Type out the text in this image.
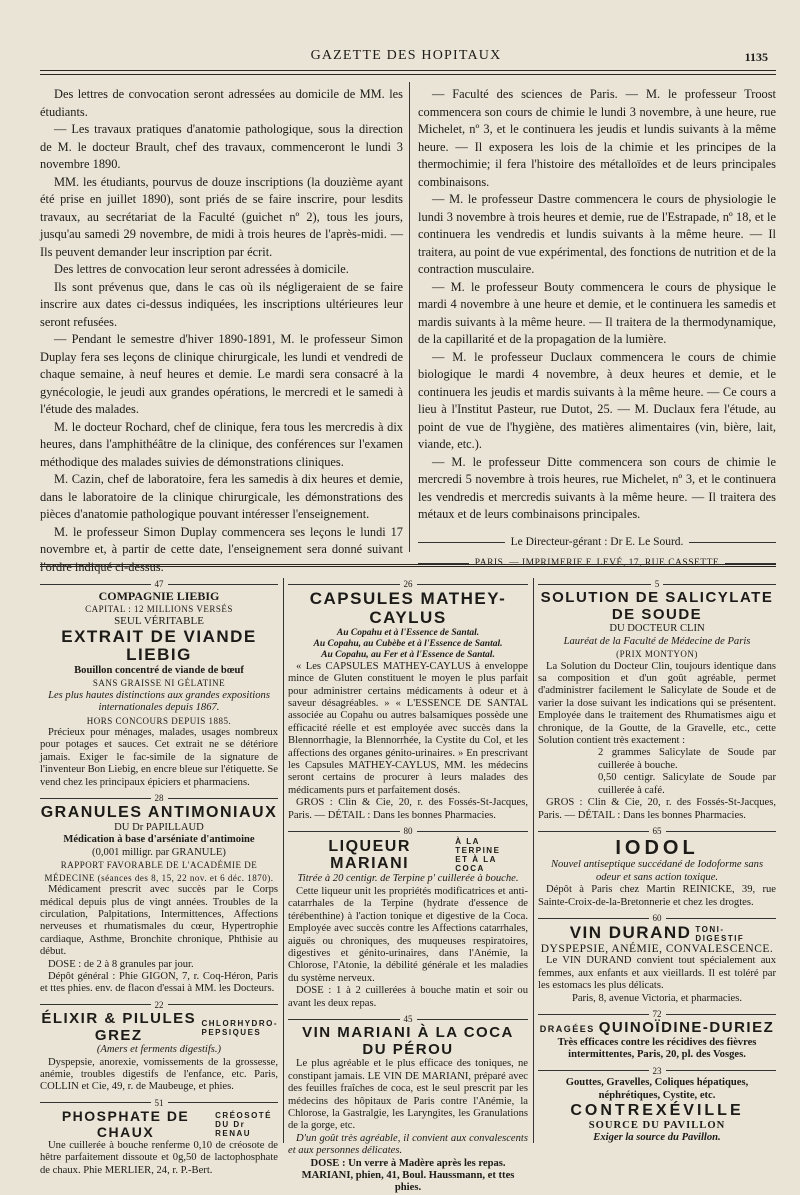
GAZETTE DES HOPITAUX	1135

Des lettres de convocation seront adressées au domicile de MM. les étudiants.

— Les travaux pratiques d'anatomie pathologique, sous la direction de M. le docteur Brault, chef des travaux, commenceront le lundi 3 novembre 1890.

MM. les étudiants, pourvus de douze inscriptions (la douzième ayant été prise en juillet 1890), sont priés de se faire inscrire, pour lesdits travaux, au secrétariat de la Faculté (guichet nº 2), tous les jours, jusqu'au samedi 29 novembre, de midi à trois heures de l'après-midi. — Ils peuvent demander leur inscription par écrit.

Des lettres de convocation leur seront adressées à domicile.

Ils sont prévenus que, dans le cas où ils négligeraient de se faire inscrire aux dates ci-dessus indiquées, les inscriptions ultérieures leur seront refusées.

— Pendant le semestre d'hiver 1890-1891, M. le professeur Simon Duplay fera ses leçons de clinique chirurgicale, les lundi et vendredi de chaque semaine, à neuf heures et demie. Le mardi sera consacré à la gynécologie, le jeudi aux grandes opérations, le mercredi et le samedi à l'étude des malades.

M. le docteur Rochard, chef de clinique, fera tous les mercredis à dix heures, dans l'amphithéâtre de la clinique, des conférences sur l'examen méthodique des malades suivies de démonstrations cliniques.

M. Cazin, chef de laboratoire, fera les samedis à dix heures et demie, dans le laboratoire de la clinique chirurgicale, les démonstrations des pièces d'anatomie pathologique pouvant intéresser l'enseignement.

M. le professeur Simon Duplay commencera ses leçons le lundi 17 novembre et, à partir de cette date, l'enseignement sera donné suivant l'ordre indiqué ci-dessus.

— Faculté des sciences de Paris. — M. le professeur Troost commencera son cours de chimie le lundi 3 novembre, à une heure, rue Michelet, nº 3, et le continuera les jeudis et lundis suivants à la même heure. — Il exposera les lois de la chimie et les principes de la thermochimie; il fera l'histoire des métalloïdes et de leurs principales combinaisons.

— M. le professeur Dastre commencera le cours de physiologie le lundi 3 novembre à trois heures et demie, rue de l'Estrapade, nº 18, et le continuera les vendredis et lundis suivants à la même heure. — Il traitera, au point de vue expérimental, des fonctions de nutrition et de la contraction musculaire.

— M. le professeur Bouty commencera le cours de physique le mardi 4 novembre à une heure et demie, et le continuera les samedis et mardis suivants à la même heure. — Il traitera de la thermodynamique, de la capillarité et de la propagation de la lumière.

— M. le professeur Duclaux commencera le cours de chimie biologique le mardi 4 novembre, à deux heures et demie, et le continuera les jeudis et mardis suivants à la même heure. — Ce cours a lieu à l'Institut Pasteur, rue Dutot, 25. — M. Duclaux fera l'étude, au point de vue de l'hygiène, des matières alimentaires (vin, bière, lait, viande, etc.).

— M. le professeur Ditte commencera son cours de chimie le mercredi 5 novembre à trois heures, rue Michelet, nº 3, et le continuera les vendredis et mercredis suivants à la même heure. — Il traitera des métaux et de leurs combinaisons principales.

Le Directeur-gérant : Dr E. Le Sourd.
PARIS. — IMPRIMERIE F. LEVÉ, 17, RUE CASSETTE
47
COMPAGNIE LIEBIG
CAPITAL : 12 MILLIONS VERSÉS
SEUL VÉRITABLE
EXTRAIT DE VIANDE LIEBIG
Bouillon concentré de viande de bœuf
SANS GRAISSE NI GÉLATINE
Les plus hautes distinctions aux grandes expositions internationales depuis 1867.
HORS CONCOURS DEPUIS 1885.

Précieux pour ménages, malades, usages nombreux pour potages et sauces. Cet extrait ne se détériore jamais. Exiger le fac-simile de la signature de l'inventeur Bon Liebig, en encre bleue sur l'étiquette. Se vend chez les principaux épiciers et pharmaciens.

28
GRANULES ANTIMONIAUX
DU Dr PAPILLAUD
Médication à base d'arséniate d'antimoine
(0,001 milligr. par GRANULE)
RAPPORT FAVORABLE DE L'ACADÉMIE DE MÉDECINE (séances des 8, 15, 22 nov. et 6 déc. 1870).

Médicament prescrit avec succès par le Corps médical depuis plus de vingt années. Troubles de la circulation, Palpitations, Intermittences, Affections nerveuses et rhumatismales du cœur, Hypertrophie cardiaque, Asthme, Bronchite chronique, Phthisie au début.

DOSE : de 2 à 8 granules par jour.

Dépôt général : Phie GIGON, 7, r. Coq-Héron, Paris et ttes phies. env. de flacon d'essai à MM. les Docteurs.

22
ÉLIXIR & PILULES GREZ
CHLORHYDRO-
PEPSIQUES
(Amers et ferments digestifs.)

Dyspepsie, anorexie, vomissements de la grossesse, anémie, troubles digestifs de l'enfance, etc. Paris, COLLIN et Cie, 49, r. de Maubeuge, et phies.

51
PHOSPHATE DE CHAUX
CRÉOSOTÉ
DU Dr RENAU

Une cuillerée à bouche renferme 0,10 de créosote de hêtre parfaitement dissoute et 0g,50 de lactophosphate de chaux. Phie MERLIER, 24, r. P.-Bert.

26
CAPSULES MATHEY-CAYLUS
Au Copahu et à l'Essence de Santal.
Au Copahu, au Cubèbe et à l'Essence de Santal.
Au Copahu, au Fer et à l'Essence de Santal.

« Les CAPSULES MATHEY-CAYLUS à enveloppe mince de Gluten constituent le moyen le plus parfait pour administrer certains médicaments à odeur et à saveur désagréables. » « L'ESSENCE DE SANTAL associée au Copahu ou autres balsamiques possède une efficacité réelle et est employée avec succès dans la Blennorrhagie, la Blennorrhée, la Cystite du Col, et les affections des organes génito-urinaires. » En prescrivant les Capsules MATHEY-CAYLUS, MM. les médecins seront certains de procurer à leurs malades des médicaments purs et parfaitement dosés.

GROS : Clin & Cie, 20, r. des Fossés-St-Jacques, Paris. — DÉTAIL : Dans les bonnes Pharmacies.

80
LIQUEUR MARIANI
À LA TERPINE
ET À LA COCA
Titrée à 20 centigr. de Terpine p' cuillerée à bouche.

Cette liqueur unit les propriétés modificatrices et anti-catarrhales de la Terpine (hydrate d'essence de térébenthine) à l'action tonique et digestive de la Coca. Employée avec succès contre les Affections catarrhales, aiguës ou chroniques, des muqueuses respiratoires, digestives et génito-urinaires, dans l'Anémie, la Chlorose, l'Atonie, la débilité générale et les maladies du système nerveux.

DOSE : 1 à 2 cuillerées à bouche matin et soir ou avant les deux repas.

45
VIN MARIANI À LA COCA DU PÉROU

Le plus agréable et le plus efficace des toniques, ne constipant jamais. LE VIN DE MARIANI, préparé avec des feuilles fraîches de coca, est le seul prescrit par les médecins des hôpitaux de Paris contre l'Anémie, la Chlorose, la Gastralgie, les Laryngites, les Granulations de la gorge, etc.

D'un goût très agréable, il convient aux convalescents et aux personnes délicates.

DOSE : Un verre à Madère après les repas.
MARIANI, phien, 41, Boul. Haussmann, et ttes phies.
5
SOLUTION DE SALICYLATE DE SOUDE
DU DOCTEUR CLIN
Lauréat de la Faculté de Médecine de Paris
(PRIX MONTYON)

La Solution du Docteur Clin, toujours identique dans sa composition et d'un goût agréable, permet d'administrer facilement le Salicylate de Soude et de varier la dose suivant les indications qui se présentent. Employée dans le traitement des Rhumatismes aigu et chronique, de la Goutte, de la Gravelle, etc., cette Solution contient très exactement :

2 grammes Salicylate de Soude par cuillerée à bouche.
0,50 centigr. Salicylate de Soude par cuillerée à café.

GROS : Clin & Cie, 20, r. des Fossés-St-Jacques, Paris. — DÉTAIL : Dans les bonnes Pharmacies.

65
IODOL
Nouvel antiseptique succédané de Iodoforme sans odeur et sans action toxique.

Dépôt à Paris chez Martin REINICKE, 39, rue Sainte-Croix-de-la-Bretonnerie et chez les drogtes.

60
VIN DURAND TONI-
DIGESTIF
DYSPEPSIE, ANÉMIE, CONVALESCENCE.

Le VIN DURAND convient tout spécialement aux femmes, aux enfants et aux vieillards. Il est toléré par les estomacs les plus délicats.

Paris, 8, avenue Victoria, et pharmacies.
72
DRAGÉES QUINOÏDINE-DURIEZ
Très efficaces contre les récidives des fièvres intermittentes, Paris, 20, pl. des Vosges.
23
Gouttes, Gravelles, Coliques hépatiques, néphrétiques, Cystite, etc.
CONTREXÉVILLE
SOURCE DU PAVILLON
Exiger la source du Pavillon.
